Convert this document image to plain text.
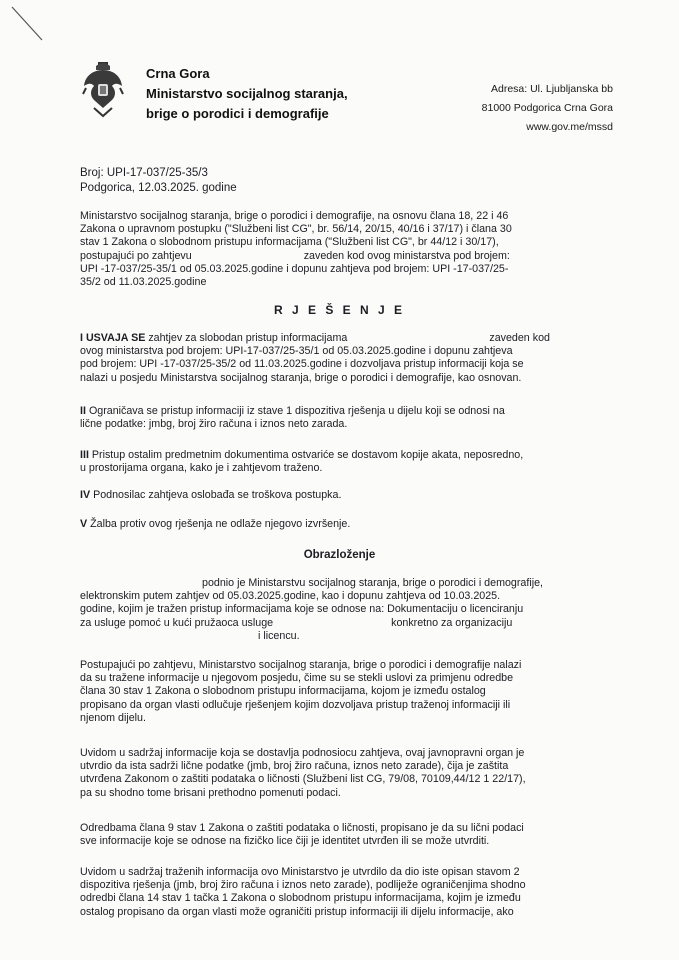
Crna Gora
Ministarstvo socijalnog staranja,
brige o porodici i demografije
Adresa: Ul. Ljubljanska bb
81000 Podgorica Crna Gora
www.gov.me/mssd
Broj: UPI-17-037/25-35/3
Podgorica, 12.03.2025. godine
Ministarstvo socijalnog staranja, brige o porodici i demografije, na osnovu člana 18, 22 i 46
Zakona o upravnom postupku ("Službeni list CG", br. 56/14, 20/15, 40/16 i 37/17) i člana 30
stav 1 Zakona o slobodnom pristupu informacijama ("Službeni list CG", br 44/12 i 30/17),
postupajući po zahtjevu	zaveden kod ovog ministarstva pod brojem:
UPI -17-037/25-35/1 od 05.03.2025.godine i dopunu zahtjeva pod brojem: UPI -17-037/25-
35/2 od 11.03.2025.godine
R J E Š E N J E
I USVAJA SE zahtjev za slobodan pristup informacijama	zaveden kod
ovog ministarstva pod brojem: UPI-17-037/25-35/1 od 05.03.2025.godine i dopunu zahtjeva
pod brojem: UPI -17-037/25-35/2 od 11.03.2025.godine i dozvoljava pristup informaciji koja se
nalazi u posjedu Ministarstva socijalnog staranja, brige o porodici i demografije, kao osnovan.
II Ograničava se pristup informaciji iz stave 1 dispozitiva rješenja u dijelu koji se odnosi na
lične podatke: jmbg, broj žiro računa i iznos neto zarada.
III Pristup ostalim predmetnim dokumentima ostvariće se dostavom kopije akata, neposredno,
u prostorijama organa, kako je i zahtjevom traženo.
IV Podnosilac zahtjeva oslobađa se troškova postupka.
V Žalba protiv ovog rješenja ne odlaže njegovo izvršenje.
Obrazloženje
podnio je Ministarstvu socijalnog staranja, brige o porodici i demografije,
elektronskim putem zahtjev od 05.03.2025.godine, kao i dopunu zahtjeva od 10.03.2025.
godine, kojim je tražen pristup informacijama koje se odnose na: Dokumentaciju o licenciranju
za usluge pomoć u kući pružaoca usluge	konkretno za organizaciju
i licencu.
Postupajući po zahtjevu, Ministarstvo socijalnog staranja, brige o porodici i demografije nalazi
da su tražene informacije u njegovom posjedu, čime su se stekli uslovi za primjenu odredbe
člana 30 stav 1 Zakona o slobodnom pristupu informacijama, kojom je između ostalog
propisano da organ vlasti odlučuje rješenjem kojim dozvoljava pristup traženoj informaciji ili
njenom dijelu.
Uvidom u sadržaj informacije koja se dostavlja podnosiocu zahtjeva, ovaj javnopravni organ je
utvrdio da ista sadrži lične podatke (jmb, broj žiro računa, iznos neto zarade), čija je zaštita
utvrđena Zakonom o zaštiti podataka o ličnosti (Službeni list CG, 79/08, 70109,44/12 1 22/17),
pa su shodno tome brisani prethodno pomenuti podaci.
Odredbama člana 9 stav 1 Zakona o zaštiti podataka o ličnosti, propisano je da su lični podaci
sve informacije koje se odnose na fizičko lice čiji je identitet utvrđen ili se može utvrditi.
Uvidom u sadržaj traženih informacija ovo Ministarstvo je utvrdilo da dio iste opisan stavom 2
dispozitiva rješenja (jmb, broj žiro računa i iznos neto zarade), podliježe ograničenjima shodno
odredbi člana 14 stav 1 tačka 1 Zakona o slobodnom pristupu informacijama, kojim je između
ostalog propisano da organ vlasti može ograničiti pristup informaciji ili dijelu informacije, ako
